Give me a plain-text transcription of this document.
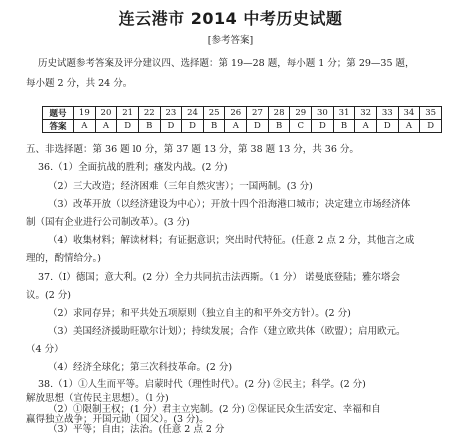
连云港市 2014 中考历史试题
[参考答案]
历史试题参考答案及评分建议四、选择题：第 19—28 题，每小题 1 分；第 29—35 题，
每小题 2 分，共 24 分。
题号	19	20	21	22	23	24	25	26	27	28	29	30	31	32	33	34	35
答案	A	A	D	B	D	D	B	A	D	B	C	D	B	A	D	A	D
五、非选择题：第 36 题 l0 分，第 37 题 13 分，第 38 题 13 分，共 36 分。
36.（1）全面抗战的胜利；瘙发内战。(2 分)
（2）三大改造；经济困难（三年自然灾害）；一国两制。(3 分)
（3）改革开放（以经济建设为中心）；开放十四个沿海港口城市；决定建立市场经济体
制（国有企业进行公司制改革）。(3 分)
（4）收集材料；解读材料；有证据意识；突出时代特征。(任意 2 点 2 分，其他言之成
理的，酌情给分。)
37.（I）德国；意大利。(2 分）全力共同抗击法西斯。（1 分） 诺曼底登陆；雅尔塔会
议。(2 分)
（2）求同存异；和平共处五项原则（独立自主的和平外交方针）。(2 分)
（3）美国经济援助旺歇尔计划）；持续发展；合作（建立欧共体（欧盟）；启用欧元。
（4 分）
（4）经济全球化；第三次科技革命。(2 分)
38.（1）①人生而平等。启蒙时代（理性时代）。(2 分) ②民主；科学。(2 分)
解放思想（宣传民主思想）。（l 分)
（2）①限制王权；(1 分）君主立宪制。(2 分) ②保证民众生活安定、幸福和自
赢得独立战争；开国元勋（国父）。(3 分)。
（3）平等；自由；法治。(任意 2 点 2 分
